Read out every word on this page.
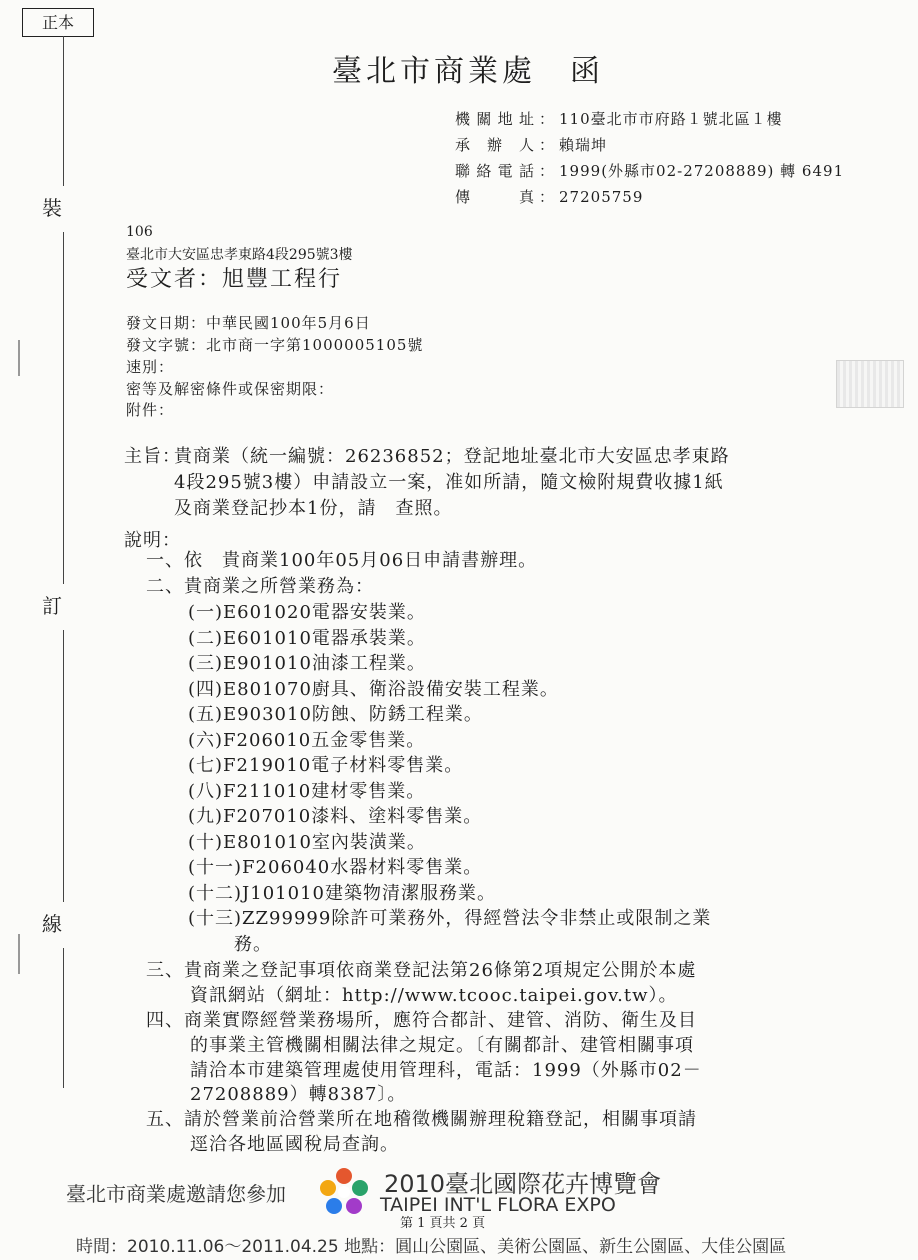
正本
裝
訂
線
臺北市商業處　函
機關地址 ： 110臺北市市府路１號北區１樓
承 辦 人 ： 賴瑞坤
聯絡電話 ： 1999(外縣市02-27208889) 轉 6491
傳　　真 ： 27205759
106
臺北市大安區忠孝東路4段295號3樓
受文者：旭豐工程行
發文日期：中華民國100年5月6日
發文字號：北市商一字第1000005105號
速別：
密等及解密條件或保密期限：
附件：
主旨：
貴商業（統一編號：26236852；登記地址臺北市大安區忠孝東路
4段295號3樓）申請設立一案，准如所請，隨文檢附規費收據1紙
及商業登記抄本1份，請　查照。
說明：
一、依　貴商業100年05月06日申請書辦理。
二、貴商業之所營業務為：
(一)E601020電器安裝業。
(二)E601010電器承裝業。
(三)E901010油漆工程業。
(四)E801070廚具、衛浴設備安裝工程業。
(五)E903010防蝕、防銹工程業。
(六)F206010五金零售業。
(七)F219010電子材料零售業。
(八)F211010建材零售業。
(九)F207010漆料、塗料零售業。
(十)E801010室內裝潢業。
(十一)F206040水器材料零售業。
(十二)J101010建築物清潔服務業。
(十三)ZZ99999除許可業務外，得經營法令非禁止或限制之業
務。
三、貴商業之登記事項依商業登記法第26條第2項規定公開於本處
資訊網站（網址：http://www.tcooc.taipei.gov.tw）。
四、商業實際經營業務場所，應符合都計、建管、消防、衛生及目
的事業主管機關相關法律之規定。〔有關都計、建管相關事項
請洽本市建築管理處使用管理科，電話：1999（外縣市02－
27208889）轉8387〕。
五、請於營業前洽營業所在地稽徵機關辦理稅籍登記，相關事項請
逕洽各地區國稅局查詢。
臺北市商業處邀請您參加	2010臺北國際花卉博覽會
TAIPEI INT'L FLORA EXPO
第 1 頁共 2 頁
時間：2010.11.06～2011.04.25 地點：圓山公園區、美術公園區、新生公園區、大佳公園區
